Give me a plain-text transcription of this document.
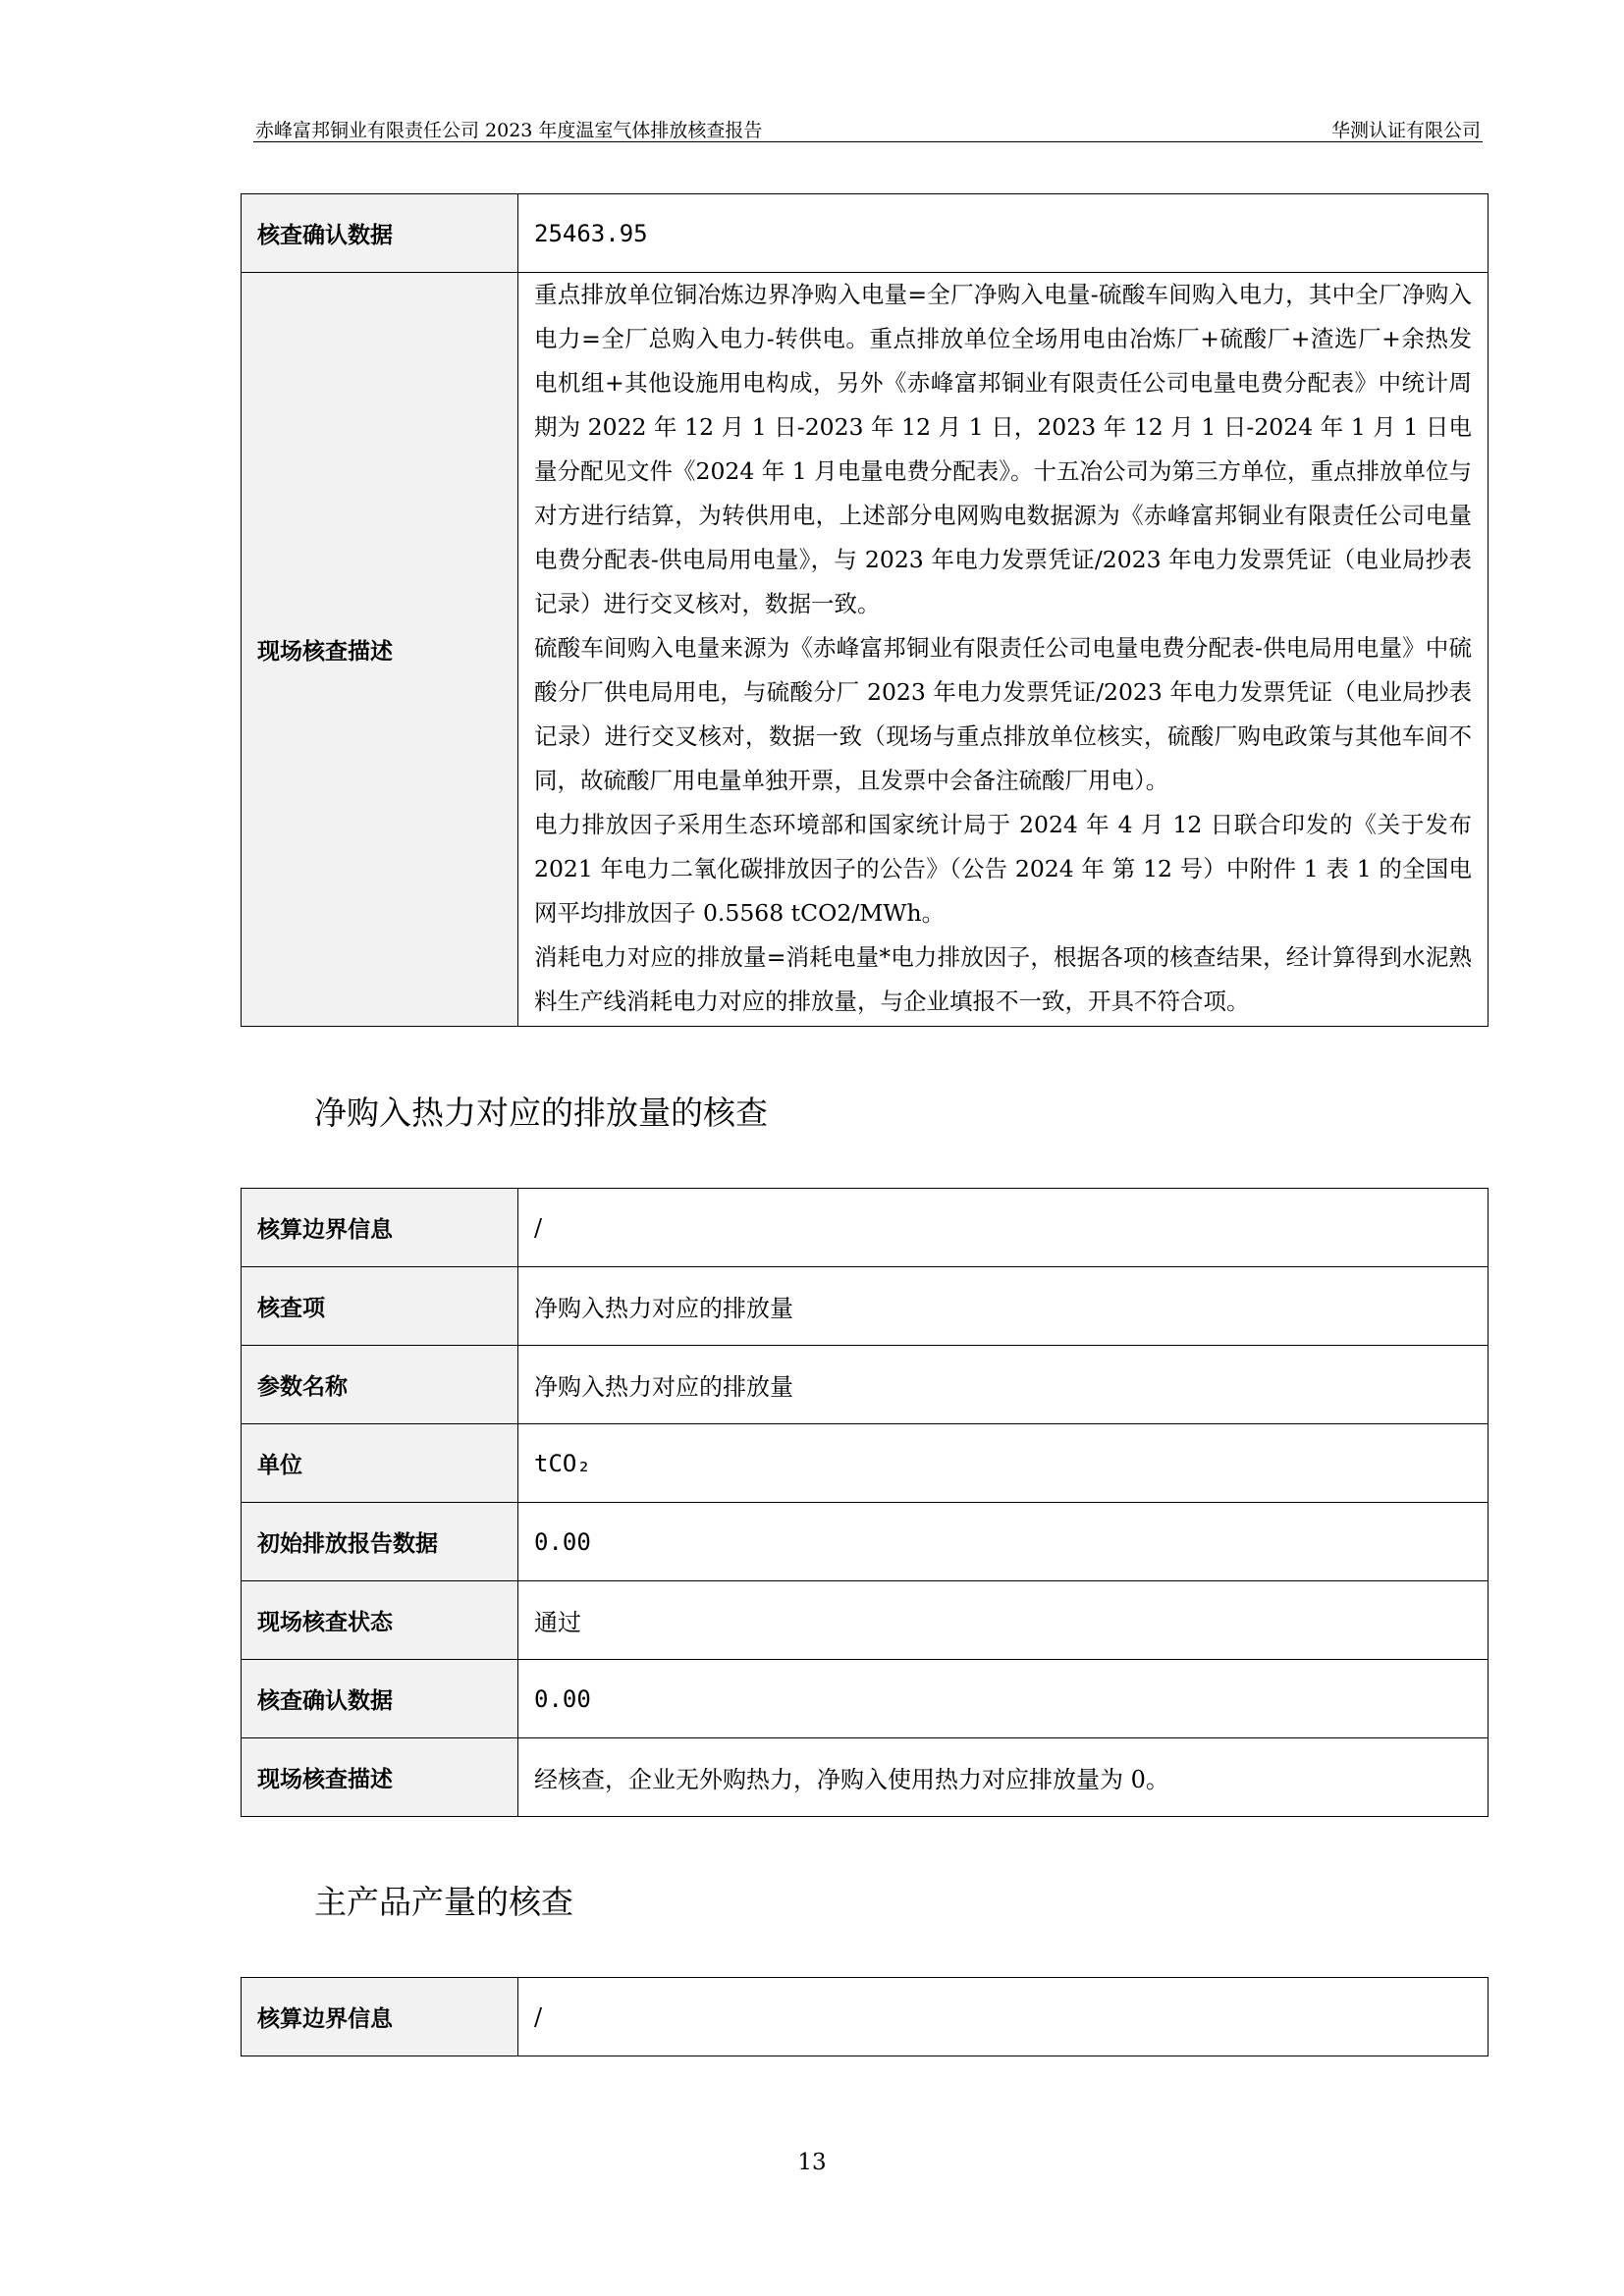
赤峰富邦铜业有限责任公司 2023 年度温室气体排放核查报告	华测认证有限公司
核查确认数据	25463.95
现场核查描述	重点排放单位铜冶炼边界净购入电量=全厂净购入电量-硫酸车间购入电力，其中全厂净购入电力=全厂总购入电力-转供电。重点排放单位全场用电由冶炼厂+硫酸厂+渣选厂+余热发电机组+其他设施用电构成，另外《赤峰富邦铜业有限责任公司电量电费分配表》中统计周期为 2022 年 12 月 1 日-2023 年 12 月 1 日，2023 年 12 月 1 日-2024 年 1 月 1 日电量分配见文件《2024 年 1 月电量电费分配表》。十五冶公司为第三方单位，重点排放单位与对方进行结算，为转供用电，上述部分电网购电数据源为《赤峰富邦铜业有限责任公司电量电费分配表-供电局用电量》，与 2023 年电力发票凭证/2023 年电力发票凭证（电业局抄表记录）进行交叉核对，数据一致。

硫酸车间购入电量来源为《赤峰富邦铜业有限责任公司电量电费分配表-供电局用电量》中硫酸分厂供电局用电，与硫酸分厂 2023 年电力发票凭证/2023 年电力发票凭证（电业局抄表记录）进行交叉核对，数据一致（现场与重点排放单位核实，硫酸厂购电政策与其他车间不同，故硫酸厂用电量单独开票，且发票中会备注硫酸厂用电）。

电力排放因子采用生态环境部和国家统计局于 2024 年 4 月 12 日联合印发的《关于发布 2021 年电力二氧化碳排放因子的公告》（公告 2024 年 第 12 号）中附件 1 表 1 的全国电网平均排放因子 0.5568 tCO2/MWh。

消耗电力对应的排放量=消耗电量*电力排放因子，根据各项的核查结果，经计算得到水泥熟料生产线消耗电力对应的排放量，与企业填报不一致，开具不符合项。

净购入热力对应的排放量的核查
核算边界信息	/
核查项	净购入热力对应的排放量
参数名称	净购入热力对应的排放量
单位	tCO₂
初始排放报告数据	0.00
现场核查状态	通过
核查确认数据	0.00
现场核查描述	经核查，企业无外购热力，净购入使用热力对应排放量为 0。
主产品产量的核查
核算边界信息	/
13
